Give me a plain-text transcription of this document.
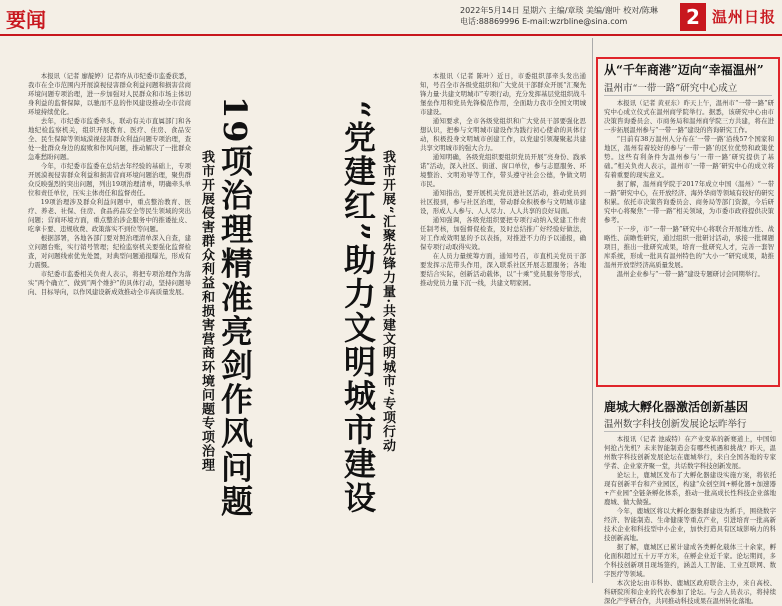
要闻	2022年5月14日 星期六 主编/章琰 美编/谢叶 校对/陈琳
电话:88869996 E-mail:wzrbline@sina.com	2 温州日报

本报讯（记者 廖靛婷）记者昨从市纪委市监委获悉，我市在全市范围内开展漠视侵害群众利益问题和损害营商环境问题专项治理，进一步加强对人民群众和市场主体切身利益的监督保障，以驰而不息的作风建设推动全市营商环境持续优化。

去年，市纪委市监委牵头，联动有关市直属部门和各地纪检监察机关，组织开展教育、医疗、住房、食品安全、民生保障等领域漠视侵害群众利益问题专项治理，查处一批群众身边的腐败和作风问题，推动解决了一批群众急难愁盼问题。

今年，市纪委市监委在总结去年经验的基础上，专项开展漠视侵害群众利益和损害营商环境问题治理，聚焦群众反映强烈的突出问题，列出19项治理清单，明确牵头单位和责任单位，压实主体责任和监督责任。

19项治理涉及群众利益问题中，重点整治教育、医疗、养老、社保、住房、食品药品安全等民生领域的突出问题；营商环境方面，重点整治涉企服务中的推诿扯皮、吃拿卡要、违规收费、政策落实不到位等问题。

根据部署，各地各部门要对照治理清单深入自查，建立问题台账，实行销号管理；纪检监察机关要强化监督检查，对问题线索优先处置，对典型问题通报曝光，形成有力震慑。

市纪委市监委相关负责人表示，将把专项治理作为落实“两个确立”、做到“两个维护”的具体行动，坚持问题导向、目标导向，以作风建设新成效推动全市高质量发展。 19项治理精准亮剑作风问题
我市开展侵害群众利益和损害营商环境问题专项治理	“党建红”助力文明城市建设 我市开展“汇聚先锋力量·共建文明城市”专项行动

本报讯（记者 陈叶）近日，市委组织部牵头发出通知，号召全市各级党组织和广大党员干部群众开展“汇聚先锋力量·共建文明城市”专项行动，充分发挥基层党组织战斗堡垒作用和党员先锋模范作用，全面助力我市全国文明城市建设。

通知要求，全市各级党组织和广大党员干部要强化思想认识，把参与文明城市建设作为践行初心使命的具体行动，积极投身文明城市创建工作，以党建引领凝聚起共建共享文明城市的强大合力。

通知明确，各级党组织要组织党员开展“亮身份、践承诺”活动，深入社区、街道、窗口单位，参与志愿服务、环境整治、文明劝导等工作，带头遵守社会公德，争做文明市民。

通知指出，要开展机关党员进社区活动，推动党员到社区报到，参与社区治理，带动群众积极参与文明城市建设，形成人人参与、人人尽力、人人共享的良好局面。

通知强调，各级党组织要把专项行动纳入党建工作责任制考核，加强督促检查，及时总结推广好经验好做法，对工作成效明显的予以表扬，对推进不力的予以通报，确保专项行动取得实效。

在人员力量统筹方面，通知号召，市直机关党员干部要发挥示范带头作用，深入联系社区开展志愿服务；各地要结合实际，创新活动载体，以“十乘”党员服务等形式，推动党员力量下沉一线，共建文明家园。

从“千年商港”迈向“幸福温州”
温州市“一带一路”研究中心成立

本报讯（记者 黄亚东）昨天上午，温州市“一带一路”研究中心成立仪式在温州商学院举行。据悉，该研究中心由市决策咨询委员会、市商务局和温州商学院三方共建，将在进一步拓展温州参与“一带一路”建设的咨询研究工作。

“目前有38万温州人分布在‘一带一路’沿线57个国家和地区，温州有着较好的参与‘一带一路’的区位优势和政策优势。这些有利条件为温州参与‘一带一路’研究提供了基础。”相关负责人表示，温州市‘一带一路’研究中心的成立将有着重要的现实意义。

据了解，温州商学院于2017年成立中国（温州）“一带一路”研究中心，在开放经济、海外华商等领域有较好的研究积累。依托市决策咨询委员会、商务局等部门资源，今后研究中心将聚焦“一带一路”相关领域，为市委市政府提供决策参考。

下一步，市“一带一路”研究中心将联合开展地方性、战略性、前瞻性研究，通过组织一批研讨活动，承接一批课题项目，推出一批研究成果，培育一批研究人才，完善一套智库系统，形成一批具有温州特色的“大小一”研究成果，助推温州开放型经济高质量发展。

温州企业参与“一带一路”建设专题研讨会同期举行。

鹿城大孵化器激活创新基因
温州数字科技创新发展论坛昨举行

本报讯（记者 池威特）在产业变革的新赛道上，中国如何抢占先机？未来智能制造会有哪些机遇和挑战？昨天，温州数字科技创新发展论坛在鹿城举行，来自全国各地的专家学者、企业家齐聚一堂，共话数字科技创新发展。

论坛上，鹿城区发布了大孵化器建设实施方案，将依托现有创新平台和产业园区，构建“众创空间+孵化器+加速器+产业园”全链条孵化体系，推动一批高成长性科技企业落地鹿城、做大做强。

今年，鹿城区将以大孵化器集群建设为抓手，围绕数字经济、智能制造、生命健康等重点产业，引进培育一批高新技术企业和科技型中小企业，加快打造具有区域影响力的科技创新高地。

据了解，鹿城区已累计建成各类孵化载体三十余家，孵化面积超过五十万平方米，在孵企业近千家。论坛期间，多个科技创新项目现场签约，涵盖人工智能、工业互联网、数字医疗等领域。

本次论坛由市科协、鹿城区政府联合主办，来自高校、科研院所和企业的代表参加了论坛。与会人员表示，将持续深化产学研合作，共同推动科技成果在温州转化落地。
